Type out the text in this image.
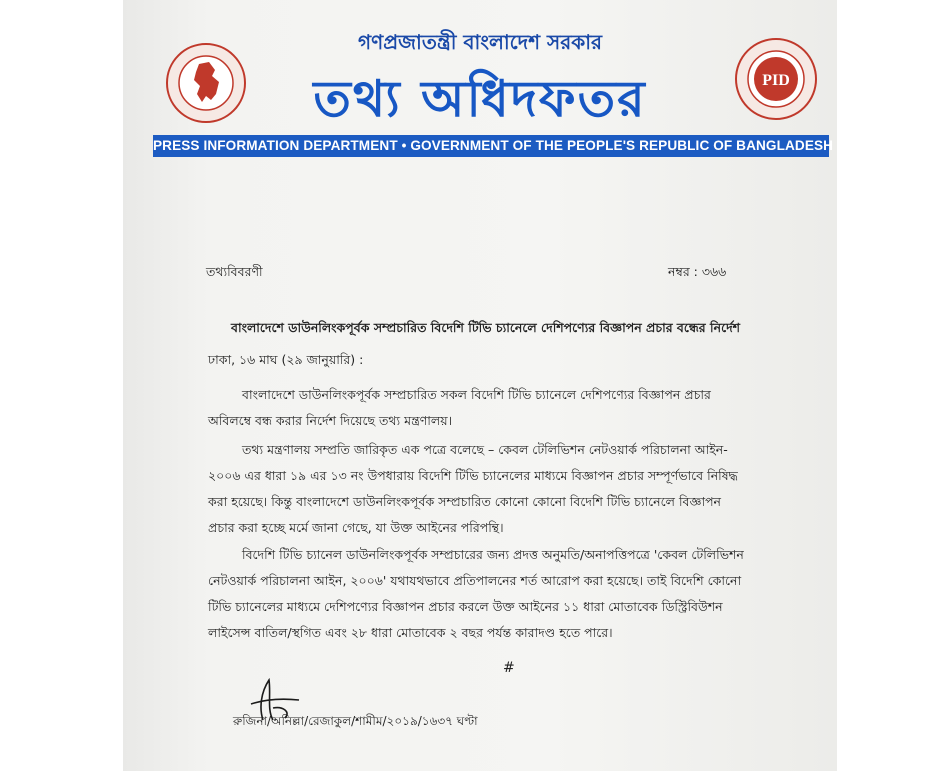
PID
গণপ্রজাতন্ত্রী বাংলাদেশ সরকার
তথ্য অধিদফতর
PRESS INFORMATION DEPARTMENT • GOVERNMENT OF THE PEOPLE'S REPUBLIC OF BANGLADESH
তথ্যবিবরণী	নম্বর : ৩৬৬
বাংলাদেশে ডাউনলিংকপূর্বক সম্প্রচারিত বিদেশি টিভি চ্যানেলে দেশিপণ্যের বিজ্ঞাপন প্রচার বন্ধের নির্দেশ
ঢাকা, ১৬ মাঘ (২৯ জানুয়ারি) :
বাংলাদেশে ডাউনলিংকপূর্বক সম্প্রচারিত সকল বিদেশি টিভি চ্যানেলে দেশিপণ্যের বিজ্ঞাপন প্রচার
অবিলম্বে বন্ধ করার নির্দেশ দিয়েছে তথ্য মন্ত্রণালয়।
তথ্য মন্ত্রণালয় সম্প্রতি জারিকৃত এক পত্রে বলেছে – কেবল টেলিভিশন নেটওয়ার্ক পরিচালনা আইন-
২০০৬ এর ধারা ১৯ এর ১৩ নং উপধারায় বিদেশি টিভি চ্যানেলের মাধ্যমে বিজ্ঞাপন প্রচার সম্পূর্ণভাবে নিষিদ্ধ
করা হয়েছে। কিন্তু বাংলাদেশে ডাউনলিংকপূর্বক সম্প্রচারিত কোনো কোনো বিদেশি টিভি চ্যানেলে বিজ্ঞাপন
প্রচার করা হচ্ছে মর্মে জানা গেছে, যা উক্ত আইনের পরিপন্থি।
বিদেশি টিভি চ্যানেল ডাউনলিংকপূর্বক সম্প্রচারের জন্য প্রদত্ত অনুমতি/অনাপত্তিপত্রে 'কেবল টেলিভিশন
নেটওয়ার্ক পরিচালনা আইন, ২০০৬' যথাযথভাবে প্রতিপালনের শর্ত আরোপ করা হয়েছে। তাই বিদেশি কোনো
টিভি চ্যানেলের মাধ্যমে দেশিপণ্যের বিজ্ঞাপন প্রচার করলে উক্ত আইনের ১১ ধারা মোতাবেক ডিস্ট্রিবিউশন
লাইসেন্স বাতিল/স্থগিত এবং ২৮ ধারা মোতাবেক ২ বছর পর্যন্ত কারাদণ্ড হতে পারে।
#
রুজিনা/অনিল্লা/রেজাকুল/শামীম/২০১৯/১৬৩৭ ঘণ্টা
